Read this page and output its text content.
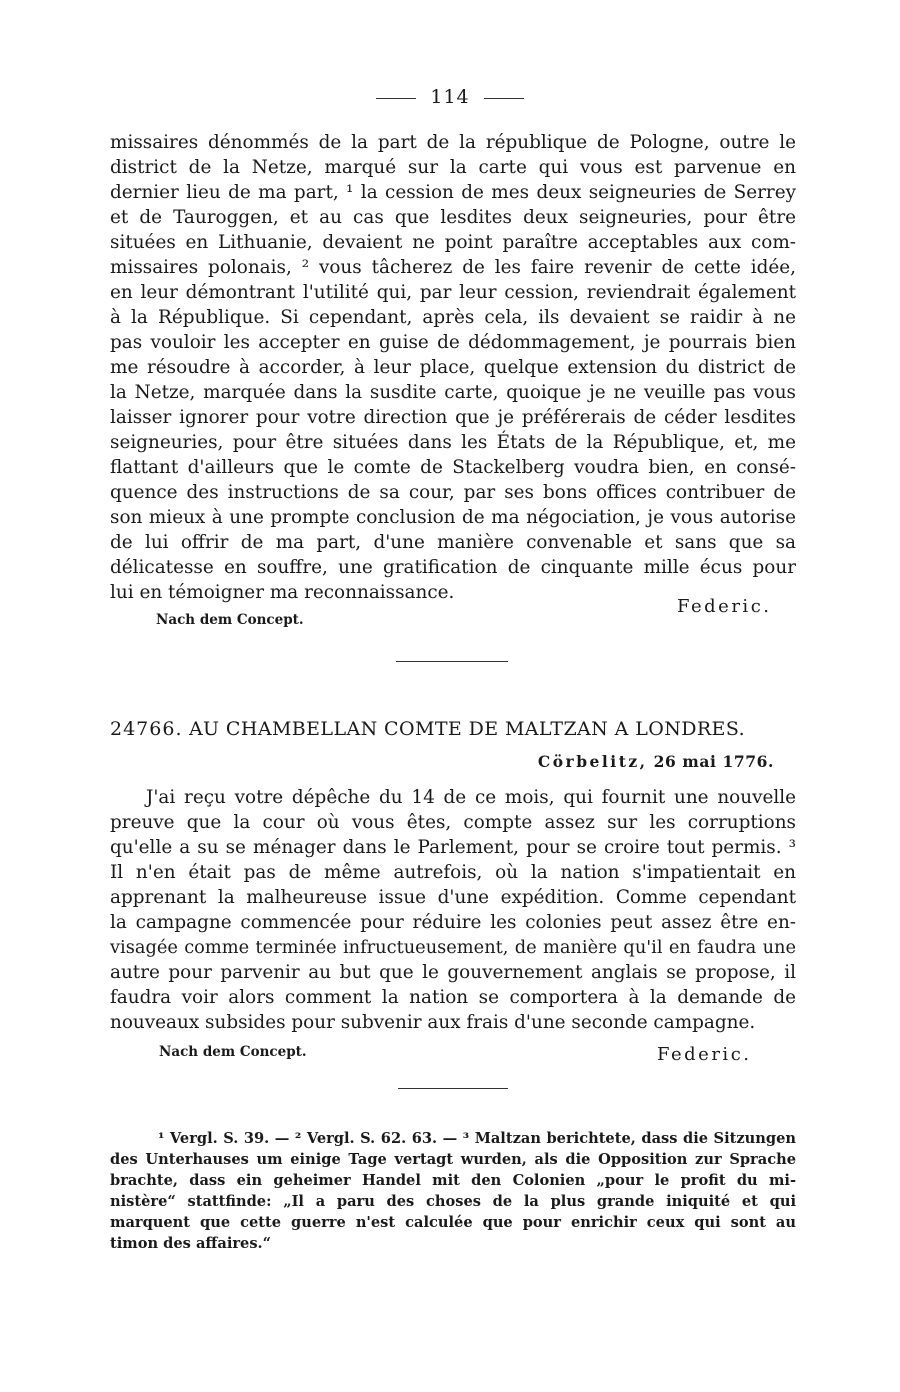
114
missaires dénommés de la part de la république de Pologne, outre le
district de la Netze, marqué sur la carte qui vous est parvenue en
dernier lieu de ma part, ¹ la cession de mes deux seigneuries de Serrey
et de Tauroggen, et au cas que lesdites deux seigneuries, pour être
situées en Lithuanie, devaient ne point paraître acceptables aux com-
missaires polonais, ² vous tâcherez de les faire revenir de cette idée,
en leur démontrant l'utilité qui, par leur cession, reviendrait également
à la République. Si cependant, après cela, ils devaient se raidir à ne
pas vouloir les accepter en guise de dédommagement, je pourrais bien
me résoudre à accorder, à leur place, quelque extension du district de
la Netze, marquée dans la susdite carte, quoique je ne veuille pas vous
laisser ignorer pour votre direction que je préférerais de céder lesdites
seigneuries, pour être situées dans les États de la République, et, me
flattant d'ailleurs que le comte de Stackelberg voudra bien, en consé-
quence des instructions de sa cour, par ses bons offices contribuer de
son mieux à une prompte conclusion de ma négociation, je vous autorise
de lui offrir de ma part, d'une manière convenable et sans que sa
délicatesse en souffre, une gratification de cinquante mille écus pour
lui en témoigner ma reconnaissance.
Federic.
Nach dem Concept.
24766. AU CHAMBELLAN COMTE DE MALTZAN A LONDRES.
Cörbelitz, 26 mai 1776.
J'ai reçu votre dépêche du 14 de ce mois, qui fournit une nouvelle
preuve que la cour où vous êtes, compte assez sur les corruptions
qu'elle a su se ménager dans le Parlement, pour se croire tout permis. ³
Il n'en était pas de même autrefois, où la nation s'impatientait en
apprenant la malheureuse issue d'une expédition. Comme cependant
la campagne commencée pour réduire les colonies peut assez être en-
visagée comme terminée infructueusement, de manière qu'il en faudra une
autre pour parvenir au but que le gouvernement anglais se propose, il
faudra voir alors comment la nation se comportera à la demande de
nouveaux subsides pour subvenir aux frais d'une seconde campagne.
Nach dem Concept.	Federic.
¹ Vergl. S. 39. — ² Vergl. S. 62. 63. — ³ Maltzan berichtete, dass die Sitzungen
des Unterhauses um einige Tage vertagt wurden, als die Opposition zur Sprache
brachte, dass ein geheimer Handel mit den Colonien „pour le profit du mi-
nistère“ stattfinde: „Il a paru des choses de la plus grande iniquité et qui
marquent que cette guerre n'est calculée que pour enrichir ceux qui sont au
timon des affaires.“
